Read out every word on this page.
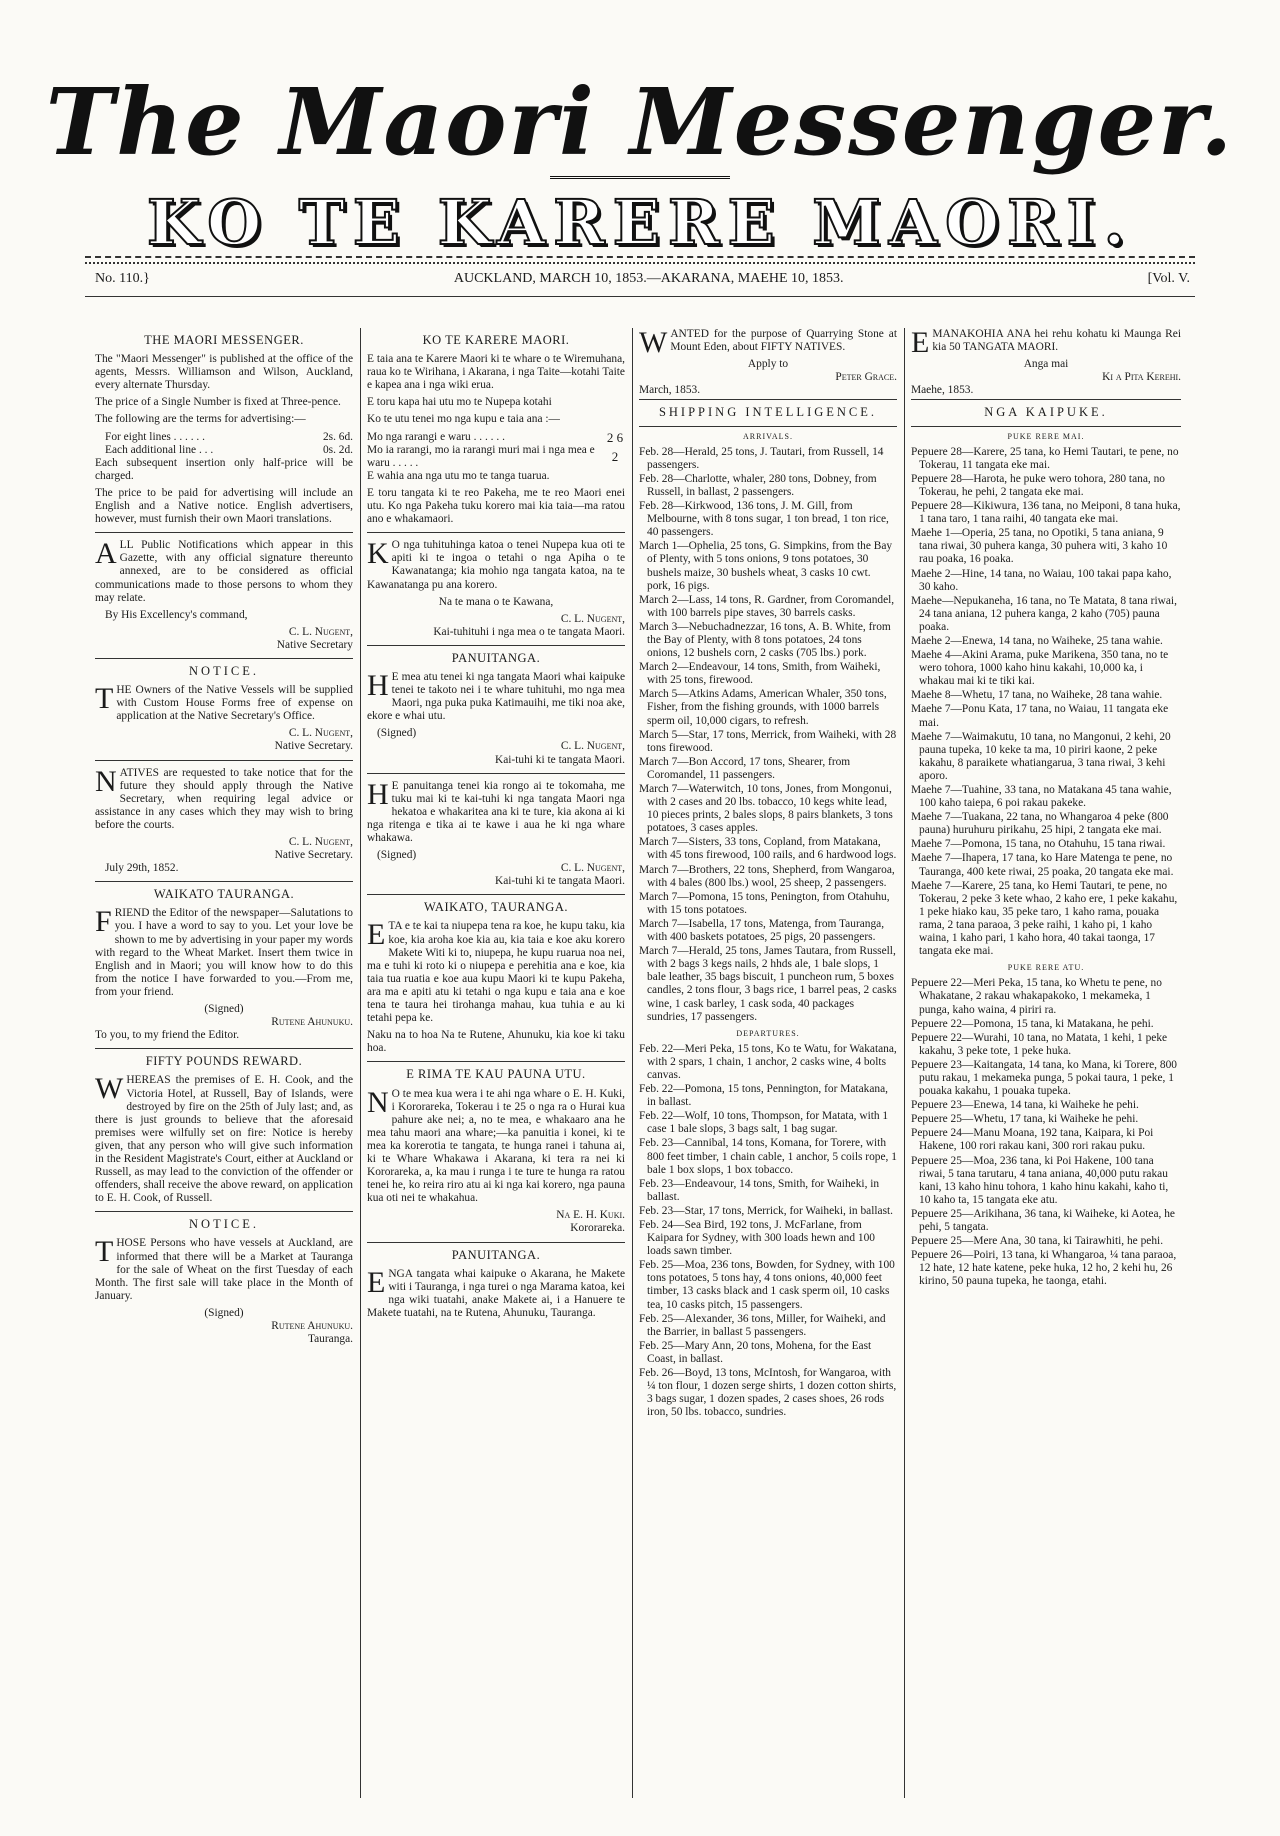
The Maori Messenger.
KO TE KARERE MAORI.
No. 110.}	AUCKLAND, MARCH 10, 1853.—AKARANA, MAEHE 10, 1853.	[Vol. V.
THE MAORI MESSENGER.

The "Maori Messenger" is published at the office of the agents, Messrs. Williamson and Wilson, Auckland, every alternate Thursday.

The price of a Single Number is fixed at Three-pence.

The following are the terms for advertising:—

For eight lines . . . . . .	2s. 6d.
Each additional line . . .	0s. 2d.

Each subsequent insertion only half-price will be charged.

The price to be paid for advertising will include an English and a Native notice. English advertisers, however, must furnish their own Maori translations.

ALL Public Notifications which appear in this Gazette, with any official signature thereunto annexed, are to be considered as official communications made to those persons to whom they may relate.

By His Excellency's command,

C. L. Nugent,
Native Secretary
NOTICE.

THE Owners of the Native Vessels will be supplied with Custom House Forms free of expense on application at the Native Secretary's Office.

C. L. Nugent,
Native Secretary.

NATIVES are requested to take notice that for the future they should apply through the Native Secretary, when requiring legal advice or assistance in any cases which they may wish to bring before the courts.

C. L. Nugent,
Native Secretary.

July 29th, 1852.

WAIKATO TAURANGA.

FRIEND the Editor of the newspaper—Salutations to you. I have a word to say to you. Let your love be shown to me by advertising in your paper my words with regard to the Wheat Market. Insert them twice in English and in Maori; you will know how to do this from the notice I have forwarded to you.—From me, from your friend.

(Signed)
Rutene Ahunuku.

To you, to my friend the Editor.

FIFTY POUNDS REWARD.

WHEREAS the premises of E. H. Cook, and the Victoria Hotel, at Russell, Bay of Islands, were destroyed by fire on the 25th of July last; and, as there is just grounds to believe that the aforesaid premises were wilfully set on fire: Notice is hereby given, that any person who will give such information in the Resident Magistrate's Court, either at Auckland or Russell, as may lead to the conviction of the offender or offenders, shall receive the above reward, on application to E. H. Cook, of Russell.

NOTICE.

THOSE Persons who have vessels at Auckland, are informed that there will be a Market at Tauranga for the sale of Wheat on the first Tuesday of each Month. The first sale will take place in the Month of January.

(Signed)
Rutene Ahunuku.
Tauranga.
KO TE KARERE MAORI.

E taia ana te Karere Maori ki te whare o te Wiremuhana, raua ko te Wirihana, i Akarana, i nga Taite—kotahi Taite e kapea ana i nga wiki erua.

E toru kapa hai utu mo te Nupepa kotahi

Ko te utu tenei mo nga kupu e taia ana :—

Mo nga rarangi e waru . . . . . .	2 6
Mo ia rarangi, mo ia rarangi muri mai i nga mea e waru . . . . .	2

E wahia ana nga utu mo te tanga tuarua.

E toru tangata ki te reo Pakeha, me te reo Maori enei utu. Ko nga Pakeha tuku korero mai kia taia—ma ratou ano e whakamaori.

K O nga tuhituhinga katoa o tenei Nupepa kua oti te apiti ki te ingoa o tetahi o nga Apiha o te Kawanatanga; kia mohio nga tangata katoa, na te Kawanatanga pu ana korero.

Na te mana o te Kawana,

C. L. Nugent,
Kai-tuhituhi i nga mea o te tangata Maori.
PANUITANGA.

H E mea atu tenei ki nga tangata Maori whai kaipuke tenei te takoto nei i te whare tuhituhi, mo nga mea Maori, nga puka puka Katimauihi, me tiki noa ake, ekore e whai utu.

(Signed)
C. L. Nugent,
Kai-tuhi ki te tangata Maori.

H E panuitanga tenei kia rongo ai te tokomaha, me tuku mai ki te kai-tuhi ki nga tangata Maori nga hekatoa e whakaritea ana ki te ture, kia akona ai ki nga ritenga e tika ai te kawe i aua he ki nga whare whakawa.

(Signed)
C. L. Nugent,
Kai-tuhi ki te tangata Maori.
WAIKATO, TAURANGA.

ETA e te kai ta niupepa tena ra koe, he kupu taku, kia koe, kia aroha koe kia au, kia taia e koe aku korero Makete Witi ki to, niupepa, he kupu ruarua noa nei, ma e tuhi ki roto ki o niupepa e perehitia ana e koe, kia taia tua ruatia e koe aua kupu Maori ki te kupu Pakeha, ara ma e apiti atu ki tetahi o nga kupu e taia ana e koe tena te taura hei tirohanga mahau, kua tuhia e au ki tetahi pepa ke.

Naku na to hoa Na te Rutene, Ahunuku, kia koe ki taku hoa.

E RIMA TE KAU PAUNA UTU.

N O te mea kua wera i te ahi nga whare o E. H. Kuki, i Kororareka, Tokerau i te 25 o nga ra o Hurai kua pahure ake nei; a, no te mea, e whakaaro ana he mea tahu maori ana whare;—ka panuitia i konei, ki te mea ka korerotia te tangata, te hunga ranei i tahuna ai, ki te Whare Whakawa i Akarana, ki tera ra nei ki Kororareka, a, ka mau i runga i te ture te hunga ra ratou tenei he, ko reira riro atu ai ki nga kai korero, nga pauna kua oti nei te whakahua.

Na E. H. Kuki.
Kororareka.
PANUITANGA.

ENGA tangata whai kaipuke o Akarana, he Makete witi i Tauranga, i nga turei o nga Marama katoa, kei nga wiki tuatahi, anake Makete ai, i a Hanuere te Makete tuatahi, na te Rutena, Ahunuku, Tauranga.

WANTED for the purpose of Quarrying Stone at Mount Eden, about FIFTY NATIVES.

Apply to
Peter Grace.
March, 1853.
SHIPPING INTELLIGENCE.
ARRIVALS.

Feb. 28—Herald, 25 tons, J. Tautari, from Russell, 14 passengers.

Feb. 28—Charlotte, whaler, 280 tons, Dobney, from Russell, in ballast, 2 passengers.

Feb. 28—Kirkwood, 136 tons, J. M. Gill, from Melbourne, with 8 tons sugar, 1 ton bread, 1 ton rice, 40 passengers.

March 1—Ophelia, 25 tons, G. Simpkins, from the Bay of Plenty, with 5 tons onions, 9 tons potatoes, 30 bushels maize, 30 bushels wheat, 3 casks 10 cwt. pork, 16 pigs.

March 2—Lass, 14 tons, R. Gardner, from Coromandel, with 100 barrels pipe staves, 30 barrels casks.

March 3—Nebuchadnezzar, 16 tons, A. B. White, from the Bay of Plenty, with 8 tons potatoes, 24 tons onions, 12 bushels corn, 2 casks (705 lbs.) pork.

March 2—Endeavour, 14 tons, Smith, from Waiheki, with 25 tons, firewood.

March 5—Atkins Adams, American Whaler, 350 tons, Fisher, from the fishing grounds, with 1000 barrels sperm oil, 10,000 cigars, to refresh.

March 5—Star, 17 tons, Merrick, from Waiheki, with 28 tons firewood.

March 7—Bon Accord, 17 tons, Shearer, from Coromandel, 11 passengers.

March 7—Waterwitch, 10 tons, Jones, from Mongonui, with 2 cases and 20 lbs. tobacco, 10 kegs white lead, 10 pieces prints, 2 bales slops, 8 pairs blankets, 3 tons potatoes, 3 cases apples.

March 7—Sisters, 33 tons, Copland, from Matakana, with 45 tons firewood, 100 rails, and 6 hardwood logs.

March 7—Brothers, 22 tons, Shepherd, from Wangaroa, with 4 bales (800 lbs.) wool, 25 sheep, 2 passengers.

March 7—Pomona, 15 tons, Penington, from Otahuhu, with 15 tons potatoes.

March 7—Isabella, 17 tons, Matenga, from Tauranga, with 400 baskets potatoes, 25 pigs, 20 passengers.

March 7—Herald, 25 tons, James Tautara, from Russell, with 2 bags 3 kegs nails, 2 hhds ale, 1 bale slops, 1 bale leather, 35 bags biscuit, 1 puncheon rum, 5 boxes candles, 2 tons flour, 3 bags rice, 1 barrel peas, 2 casks wine, 1 cask barley, 1 cask soda, 40 packages sundries, 17 passengers.

DEPARTURES.

Feb. 22—Meri Peka, 15 tons, Ko te Watu, for Wakatana, with 2 spars, 1 chain, 1 anchor, 2 casks wine, 4 bolts canvas.

Feb. 22—Pomona, 15 tons, Pennington, for Matakana, in ballast.

Feb. 22—Wolf, 10 tons, Thompson, for Matata, with 1 case 1 bale slops, 3 bags salt, 1 bag sugar.

Feb. 23—Cannibal, 14 tons, Komana, for Torere, with 800 feet timber, 1 chain cable, 1 anchor, 5 coils rope, 1 bale 1 box slops, 1 box tobacco.

Feb. 23—Endeavour, 14 tons, Smith, for Waiheki, in ballast.

Feb. 23—Star, 17 tons, Merrick, for Waiheki, in ballast.

Feb. 24—Sea Bird, 192 tons, J. McFarlane, from Kaipara for Sydney, with 300 loads hewn and 100 loads sawn timber.

Feb. 25—Moa, 236 tons, Bowden, for Sydney, with 100 tons potatoes, 5 tons hay, 4 tons onions, 40,000 feet timber, 13 casks black and 1 cask sperm oil, 10 casks tea, 10 casks pitch, 15 passengers.

Feb. 25—Alexander, 36 tons, Miller, for Waiheki, and the Barrier, in ballast 5 passengers.

Feb. 25—Mary Ann, 20 tons, Mohena, for the East Coast, in ballast.

Feb. 26—Boyd, 13 tons, McIntosh, for Wangaroa, with ¼ ton flour, 1 dozen serge shirts, 1 dozen cotton shirts, 3 bags sugar, 1 dozen spades, 2 cases shoes, 26 rods iron, 50 lbs. tobacco, sundries.

EMANAKOHIA ANA hei rehu kohatu ki Maunga Rei kia 50 TANGATA MAORI.

Anga mai
Ki a Pita Kerehi.
Maehe, 1853.
NGA KAIPUKE.
PUKE RERE MAI.

Pepuere 28—Karere, 25 tana, ko Hemi Tautari, te pene, no Tokerau, 11 tangata eke mai.

Pepuere 28—Harota, he puke wero tohora, 280 tana, no Tokerau, he pehi, 2 tangata eke mai.

Pepuere 28—Kikiwura, 136 tana, no Meiponi, 8 tana huka, 1 tana taro, 1 tana raihi, 40 tangata eke mai.

Maehe 1—Operia, 25 tana, no Opotiki, 5 tana aniana, 9 tana riwai, 30 puhera kanga, 30 puhera witi, 3 kaho 10 rau poaka, 16 poaka.

Maehe 2—Hine, 14 tana, no Waiau, 100 takai papa kaho, 30 kaho.

Maehe—Nepukaneha, 16 tana, no Te Matata, 8 tana riwai, 24 tana aniana, 12 puhera kanga, 2 kaho (705) pauna poaka.

Maehe 2—Enewa, 14 tana, no Waiheke, 25 tana wahie.

Maehe 4—Akini Arama, puke Marikena, 350 tana, no te wero tohora, 1000 kaho hinu kakahi, 10,000 ka, i whakau mai ki te tiki kai.

Maehe 8—Whetu, 17 tana, no Waiheke, 28 tana wahie.

Maehe 7—Ponu Kata, 17 tana, no Waiau, 11 tangata eke mai.

Maehe 7—Waimakutu, 10 tana, no Mangonui, 2 kehi, 20 pauna tupeka, 10 keke ta ma, 10 piriri kaone, 2 peke kakahu, 8 paraikete whatiangarua, 3 tana riwai, 3 kehi aporo.

Maehe 7—Tuahine, 33 tana, no Matakana 45 tana wahie, 100 kaho taiepa, 6 poi rakau pakeke.

Maehe 7—Tuakana, 22 tana, no Whangaroa 4 peke (800 pauna) huruhuru pirikahu, 25 hipi, 2 tangata eke mai.

Maehe 7—Pomona, 15 tana, no Otahuhu, 15 tana riwai.

Maehe 7—Ihapera, 17 tana, ko Hare Matenga te pene, no Tauranga, 400 kete riwai, 25 poaka, 20 tangata eke mai.

Maehe 7—Karere, 25 tana, ko Hemi Tautari, te pene, no Tokerau, 2 peke 3 kete whao, 2 kaho ere, 1 peke kakahu, 1 peke hiako kau, 35 peke taro, 1 kaho rama, pouaka rama, 2 tana paraoa, 3 peke raihi, 1 kaho pi, 1 kaho waina, 1 kaho pari, 1 kaho hora, 40 takai taonga, 17 tangata eke mai.

PUKE RERE ATU.

Pepuere 22—Meri Peka, 15 tana, ko Whetu te pene, no Whakatane, 2 rakau whakapakoko, 1 mekameka, 1 punga, kaho waina, 4 piriri ra.

Pepuere 22—Pomona, 15 tana, ki Matakana, he pehi.

Pepuere 22—Wurahi, 10 tana, no Matata, 1 kehi, 1 peke kakahu, 3 peke tote, 1 peke huka.

Pepuere 23—Kaitangata, 14 tana, ko Mana, ki Torere, 800 putu rakau, 1 mekameka punga, 5 pokai taura, 1 peke, 1 pouaka kakahu, 1 pouaka tupeka.

Pepuere 23—Enewa, 14 tana, ki Waiheke he pehi.

Pepuere 25—Whetu, 17 tana, ki Waiheke he pehi.

Pepuere 24—Manu Moana, 192 tana, Kaipara, ki Poi Hakene, 100 rori rakau kani, 300 rori rakau puku.

Pepuere 25—Moa, 236 tana, ki Poi Hakene, 100 tana riwai, 5 tana tarutaru, 4 tana aniana, 40,000 putu rakau kani, 13 kaho hinu tohora, 1 kaho hinu kakahi, kaho ti, 10 kaho ta, 15 tangata eke atu.

Pepuere 25—Arikihana, 36 tana, ki Waiheke, ki Aotea, he pehi, 5 tangata.

Pepuere 25—Mere Ana, 30 tana, ki Tairawhiti, he pehi.

Pepuere 26—Poiri, 13 tana, ki Whangaroa, ¼ tana paraoa, 12 hate, 12 hate katene, peke huka, 12 ho, 2 kehi hu, 26 kirino, 50 pauna tupeka, he taonga, etahi.
